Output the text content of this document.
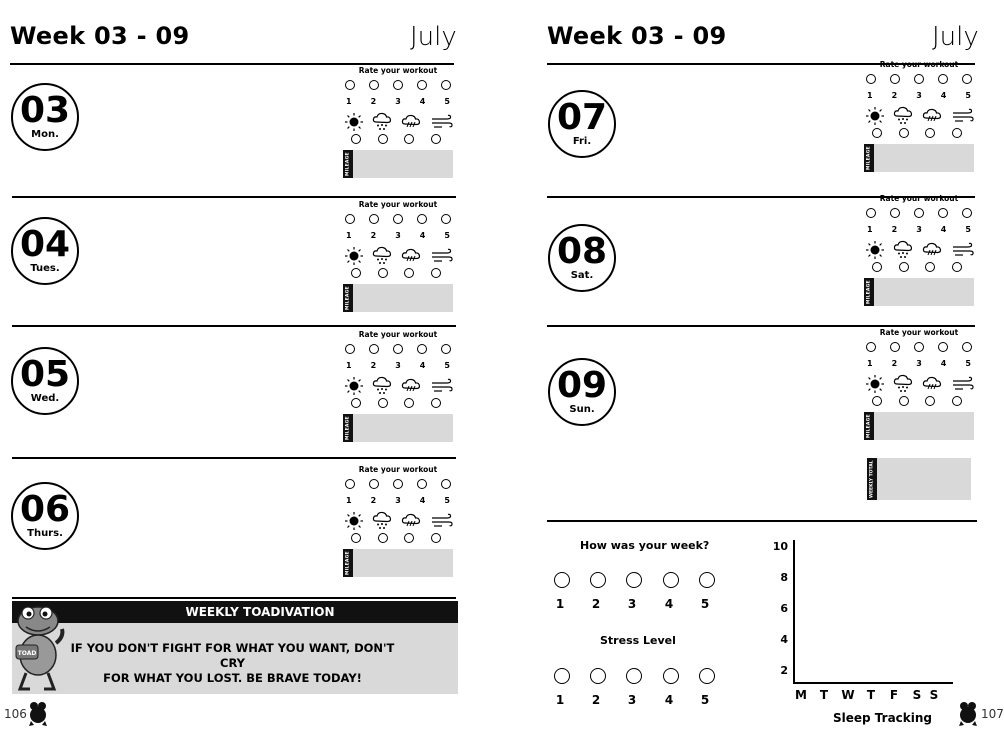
Week 03 - 09	July
WEEKLY TOADIVATION
IF YOU DON'T FIGHT FOR WHAT YOU WANT, DON'T CRY
FOR WHAT YOU LOST. BE BRAVE TODAY!
TOAD
106
Week 03 - 09	July
WEEKLY TOTAL
How was your week?
1	2	3	4	5
Stress Level
1	2	3	4	5
10
8
6
4
2
M T W T F S S
Sleep Tracking	107
03
Mon.
Rate your workout
1 2 3 4 5
MILEAGE
04
Tues.
Rate your workout
1 2 3 4 5
MILEAGE
05
Wed.
Rate your workout
1 2 3 4 5
MILEAGE
06
Thurs.
Rate your workout
1 2 3 4 5
MILEAGE
07
Fri.
Rate your workout
1 2 3 4 5
MILEAGE
08
Sat.
Rate your workout
1 2 3 4 5
MILEAGE
09
Sun.
Rate your workout
1 2 3 4 5
MILEAGE
